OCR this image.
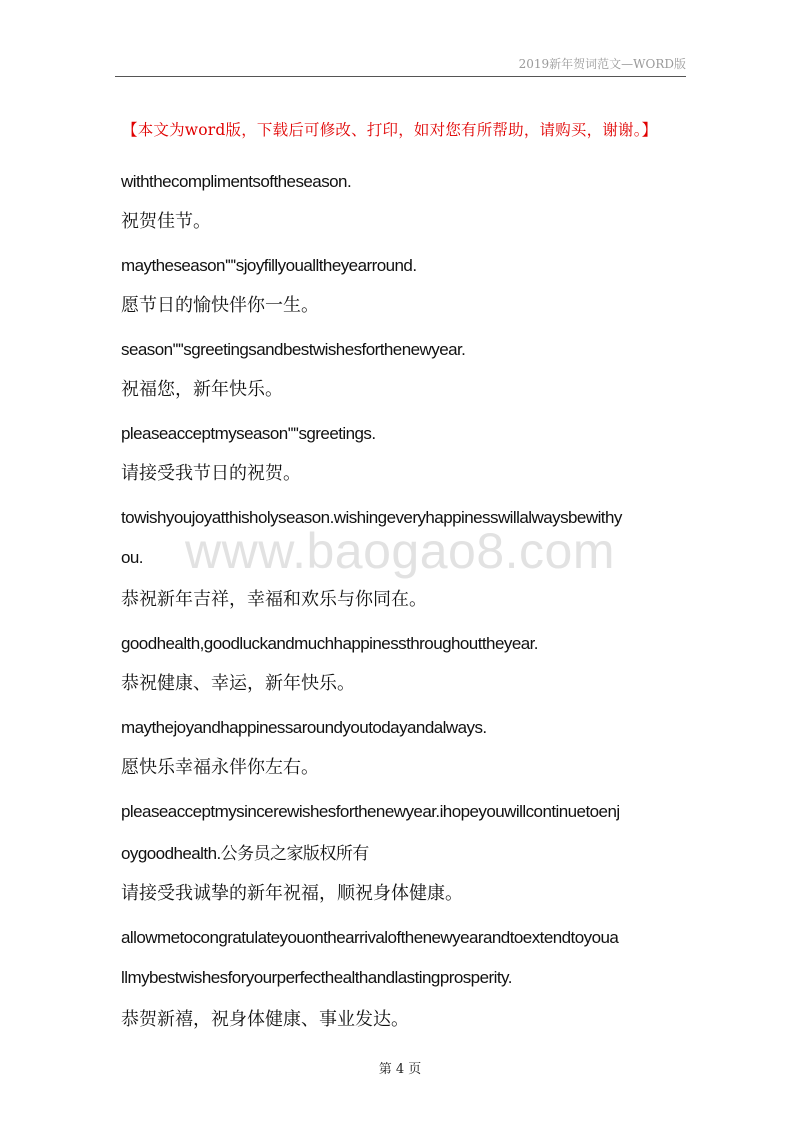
2019新年贺词范文—WORD版
【本文为word版，下载后可修改、打印，如对您有所帮助，请购买，谢谢。】
www.baogao8.com
withthecomplimentsoftheseason.
祝贺佳节。
maytheseason''''sjoyfillyoualltheyearround.
愿节日的愉快伴你一生。
season''''sgreetingsandbestwishesforthenewyear.
祝福您，新年快乐。
pleaseacceptmyseason''''sgreetings.
请接受我节日的祝贺。
towishyoujoyatthisholyseason.wishingeveryhappinesswillalwaysbewithy
ou.
恭祝新年吉祥，幸福和欢乐与你同在。
goodhealth,goodluckandmuchhappinessthroughouttheyear.
恭祝健康、幸运，新年快乐。
maythejoyandhappinessaroundyoutodayandalways.
愿快乐幸福永伴你左右。
pleaseacceptmysincerewishesforthenewyear.ihopeyouwillcontinuetoenj
oygoodhealth.公务员之家版权所有
请接受我诚挚的新年祝福，顺祝身体健康。
allowmetocongratulateyouonthearrivalofthenewyearandtoextendtoyoua
llmybestwishesforyourperfecthealthandlastingprosperity.
恭贺新禧，祝身体健康、事业发达。
第 4 页
